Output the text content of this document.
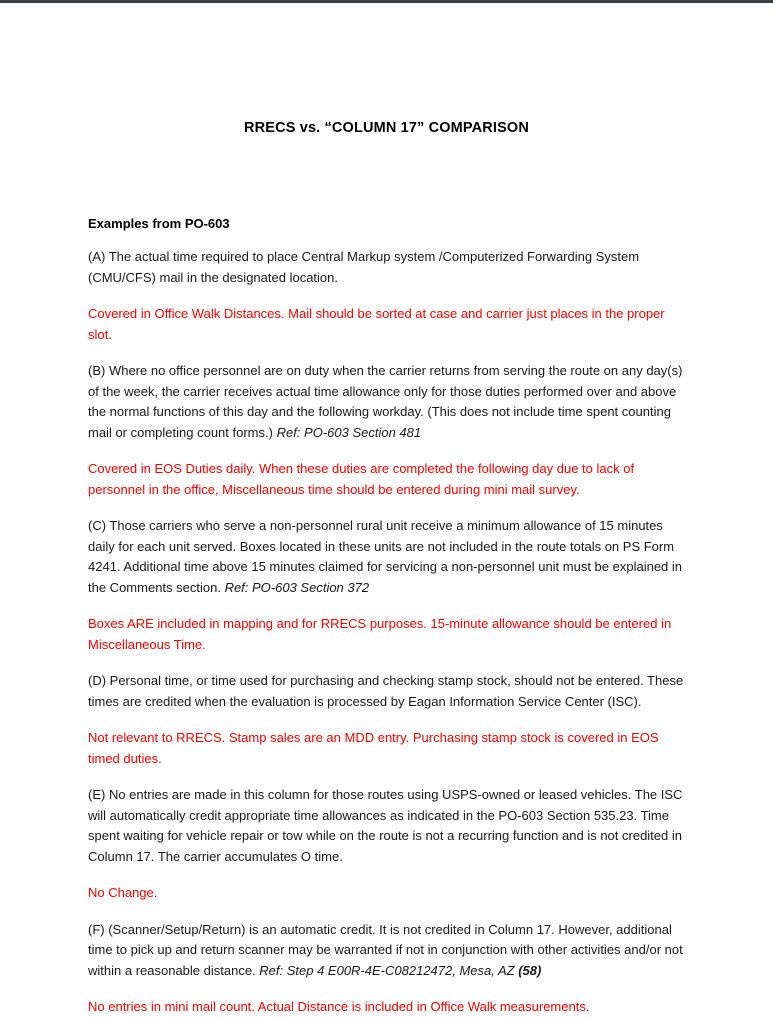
RRECS vs. “COLUMN 17” COMPARISON
Examples from PO-603

(A) The actual time required to place Central Markup system /Computerized Forwarding System (CMU/CFS) mail in the designated location.

Covered in Office Walk Distances. Mail should be sorted at case and carrier just places in the proper slot.

(B) Where no office personnel are on duty when the carrier returns from serving the route on any day(s) of the week, the carrier receives actual time allowance only for those duties performed over and above the normal functions of this day and the following workday. (This does not include time spent counting mail or completing count forms.) Ref: PO-603 Section 481

Covered in EOS Duties daily. When these duties are completed the following day due to lack of personnel in the office, Miscellaneous time should be entered during mini mail survey.

(C) Those carriers who serve a non-personnel rural unit receive a minimum allowance of 15 minutes daily for each unit served. Boxes located in these units are not included in the route totals on PS Form 4241. Additional time above 15 minutes claimed for servicing a non-personnel unit must be explained in the Comments section. Ref: PO-603 Section 372

Boxes ARE included in mapping and for RRECS purposes. 15-minute allowance should be entered in Miscellaneous Time.

(D) Personal time, or time used for purchasing and checking stamp stock, should not be entered. These times are credited when the evaluation is processed by Eagan Information Service Center (ISC).

Not relevant to RRECS. Stamp sales are an MDD entry. Purchasing stamp stock is covered in EOS timed duties.

(E) No entries are made in this column for those routes using USPS-owned or leased vehicles. The ISC will automatically credit appropriate time allowances as indicated in the PO-603 Section 535.23. Time spent waiting for vehicle repair or tow while on the route is not a recurring function and is not credited in Column 17. The carrier accumulates O time.

No Change.

(F) (Scanner/Setup/Return) is an automatic credit. It is not credited in Column 17. However, additional time to pick up and return scanner may be warranted if not in conjunction with other activities and/or not within a reasonable distance. Ref: Step 4 E00R-4E-C08212472, Mesa, AZ (58)

No entries in mini mail count. Actual Distance is included in Office Walk measurements.
